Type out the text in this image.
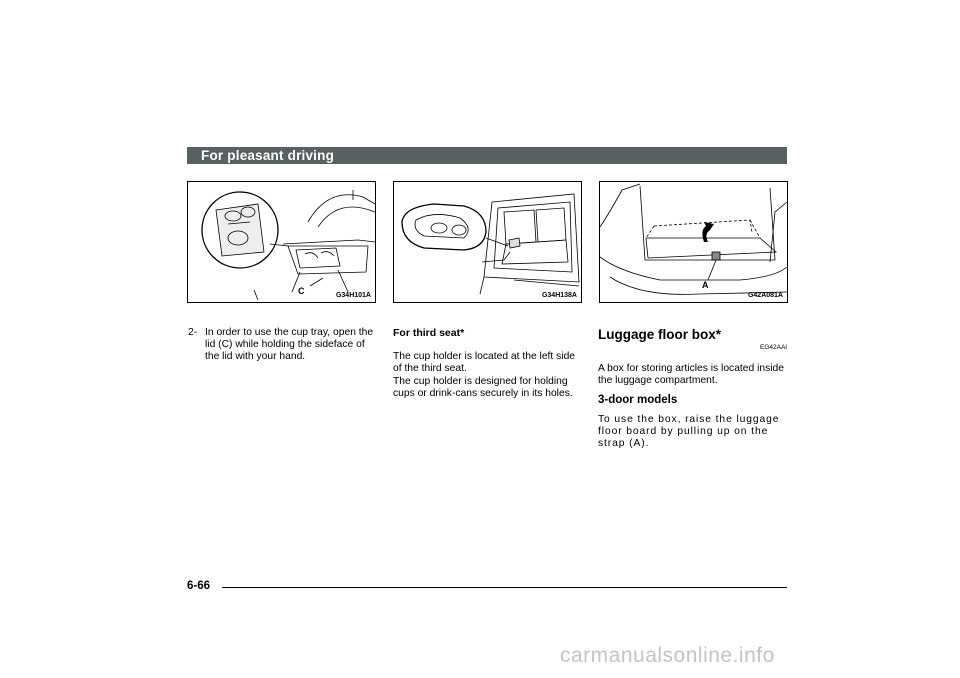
For pleasant driving
C	G34H101A	G34H138A
A
G42A081A
2- In order to use the cup tray, open the lid (C) while holding the sideface of the lid with your hand.
For third seat*
The cup holder is located at the left side of the third seat.
The cup holder is designed for holding cups or drink-cans securely in its holes.
Luggage floor box*
EG42AAI
A box for storing articles is located inside the luggage compartment.
3-door models
To use the box, raise the luggage floor board by pulling up on the strap (A).
6-66
carmanualsonline.info
